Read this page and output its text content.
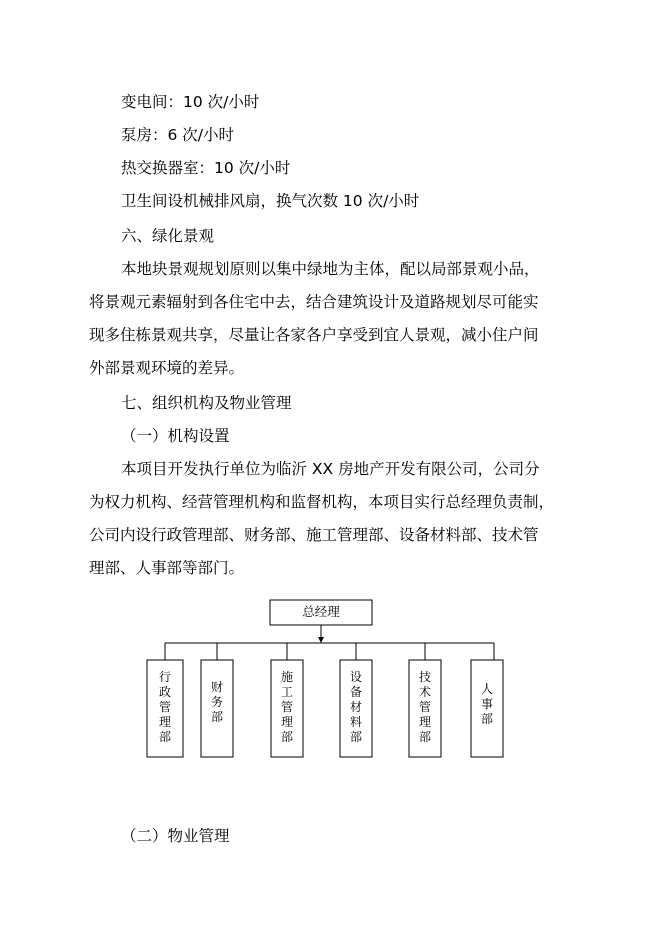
变电间：10 次/小时
泵房：6 次/小时
热交换器室：10 次/小时
卫生间设机械排风扇，换气次数 10 次/小时
六、绿化景观
本地块景观规划原则以集中绿地为主体，配以局部景观小品，
将景观元素辐射到各住宅中去，结合建筑设计及道路规划尽可能实
现多住栋景观共享，尽量让各家各户享受到宜人景观，减小住户间
外部景观环境的差异。
七、组织机构及物业管理
（一）机构设置
本项目开发执行单位为临沂 XX 房地产开发有限公司，公司分
为权力机构、经营管理机构和监督机构，本项目实行总经理负责制，
公司内设行政管理部、财务部、施工管理部、设备材料部、技术管
理部、人事部等部门。
总经理
行政管理部
财务部
施工管理部
设备材料部
技术管理部
人事部
（二）物业管理
